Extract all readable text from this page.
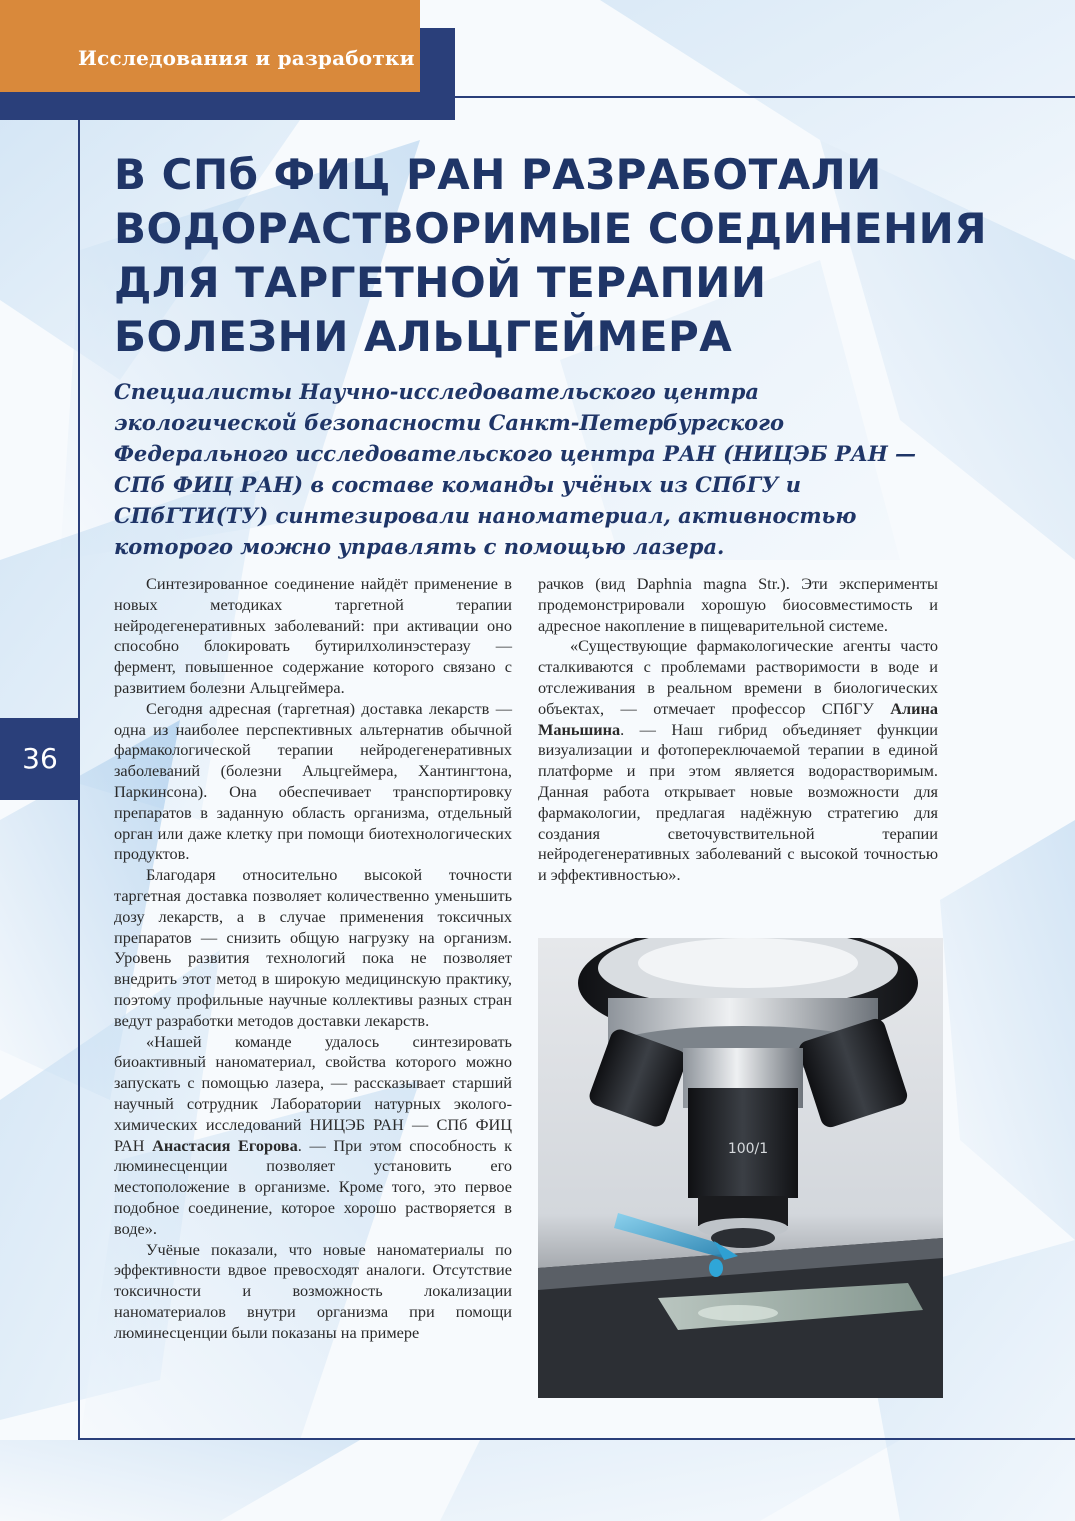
Исследования и разработки
36
В СПб ФИЦ РАН РАЗРАБОТАЛИ ВОДОРАСТВОРИМЫЕ СОЕДИНЕНИЯ ДЛЯ ТАРГЕТНОЙ ТЕРАПИИ БОЛЕЗНИ АЛЬЦГЕЙМЕРА

Специалисты Научно-исследовательского центра экологической безопасности Санкт-Петербургского Федерального исследовательского центра РАН (НИЦЭБ РАН — СПб ФИЦ РАН) в составе команды учёных из СПбГУ и СПбГТИ(ТУ) синтезировали наноматериал, активностью которого можно управлять с помощью лазера.

Синтезированное соединение найдёт применение в новых методиках таргетной терапии нейродегенеративных заболеваний: при активации оно способно блокировать бутирилхолинэстеразу — фермент, повышенное содержание которого связано с развитием болезни Альцгеймера.

Сегодня адресная (таргетная) доставка лекарств — одна из наиболее перспективных альтернатив обычной фармакологической терапии нейродегенеративных заболеваний (болезни Альцгеймера, Хантингтона, Паркинсона). Она обеспечивает транспортировку препаратов в заданную область организма, отдельный орган или даже клетку при помощи биотехнологических продуктов.

Благодаря относительно высокой точности таргетная доставка позволяет количественно уменьшить дозу лекарств, а в случае применения токсичных препаратов — снизить общую нагрузку на организм. Уровень развития технологий пока не позволяет внедрить этот метод в широкую медицинскую практику, поэтому профильные научные коллективы разных стран ведут разработки методов доставки лекарств.

«Нашей команде удалось синтезировать биоактивный наноматериал, свойства которого можно запускать с помощью лазера, — рассказывает старший научный сотрудник Лаборатории натурных эколого-химических исследований НИЦЭБ РАН — СПб ФИЦ РАН Анастасия Егорова. — При этом способность к люминесценции позволяет установить его местоположение в организме. Кроме того, это первое подобное соединение, которое хорошо растворяется в воде».

Учёные показали, что новые наноматериалы по эффективности вдвое превосходят аналоги. Отсутствие токсичности и возможность локализации наноматериалов внутри организма при помощи люминесценции были показаны на примере

рачков (вид Daphnia magna Str.). Эти эксперименты продемонстрировали хорошую биосовместимость и адресное накопление в пищеварительной системе.

«Существующие фармакологические агенты часто сталкиваются с проблемами растворимости в воде и отслеживания в реальном времени в биологических объектах, — отмечает профессор СПбГУ Алина Маньшина. — Наш гибрид объединяет функции визуализации и фотопереключаемой терапии в единой платформе и при этом является водорастворимым. Данная работа открывает новые возможности для фармакологии, предлагая надёжную стратегию для создания светочувствительной терапии нейродегенеративных заболеваний с высокой точностью и эффективностью».

100/1
